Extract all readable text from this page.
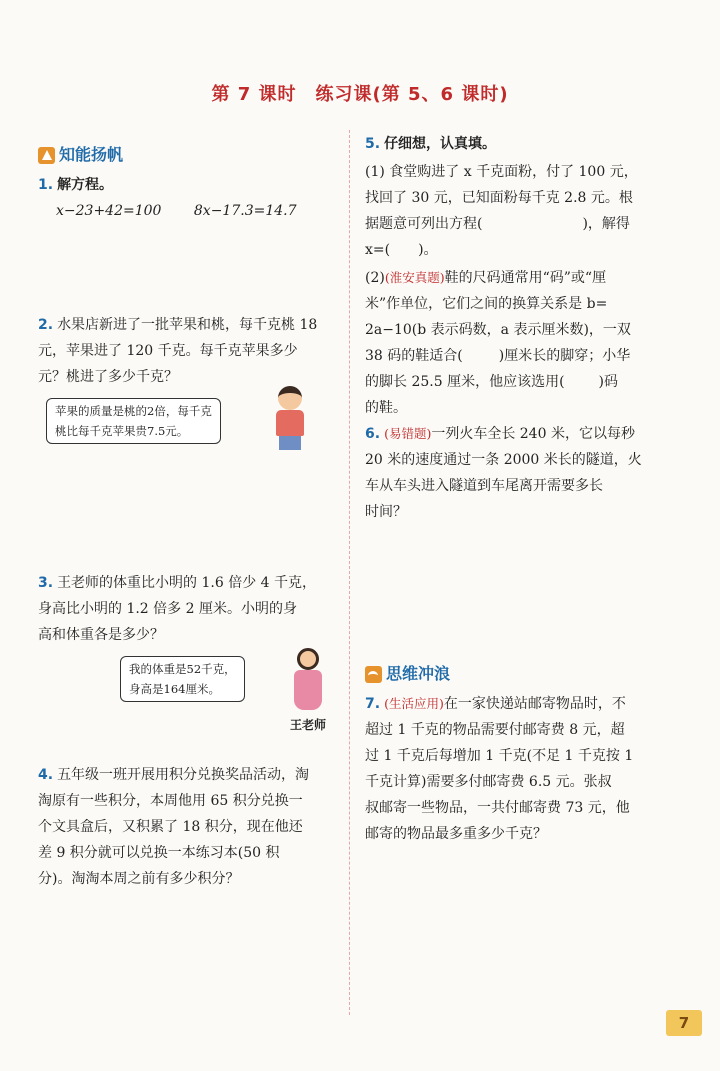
第 7 课时　练习课(第 5、6 课时)
知能扬帆
1. 解方程。
x−23+42=100 8x−17.3=14.7
2. 水果店新进了一批苹果和桃，每千克桃 18
元，苹果进了 120 千克。每千克苹果多少
元？桃进了多少千克？
苹果的质量是桃的2倍，每千克
桃比每千克苹果贵7.5元。
3. 王老师的体重比小明的 1.6 倍少 4 千克，
身高比小明的 1.2 倍多 2 厘米。小明的身
高和体重各是多少？
我的体重是52千克，
身高是164厘米。
王老师
4. 五年级一班开展用积分兑换奖品活动，淘
淘原有一些积分，本周他用 65 积分兑换一
个文具盒后，又积累了 18 积分，现在他还
差 9 积分就可以兑换一本练习本(50 积
分)。淘淘本周之前有多少积分？
5. 仔细想，认真填。
(1) 食堂购进了 x 千克面粉，付了 100 元，
找回了 30 元，已知面粉每千克 2.8 元。根
据题意可列出方程(	)，解得
x=( )。
(2)(淮安真题)鞋的尺码通常用“码”或“厘
米”作单位，它们之间的换算关系是 b=
2a−10(b 表示码数，a 表示厘米数)，一双
38 码的鞋适合(	)厘米长的脚穿；小华
的脚长 25.5 厘米，他应该选用( )码
的鞋。
6. (易错题)一列火车全长 240 米，它以每秒
20 米的速度通过一条 2000 米长的隧道，火
车从车头进入隧道到车尾离开需要多长
时间？
思维冲浪
7. (生活应用)在一家快递站邮寄物品时，不
超过 1 千克的物品需要付邮寄费 8 元，超
过 1 千克后每增加 1 千克(不足 1 千克按 1
千克计算)需要多付邮寄费 6.5 元。张叔
叔邮寄一些物品，一共付邮寄费 73 元，他
邮寄的物品最多重多少千克？
7
